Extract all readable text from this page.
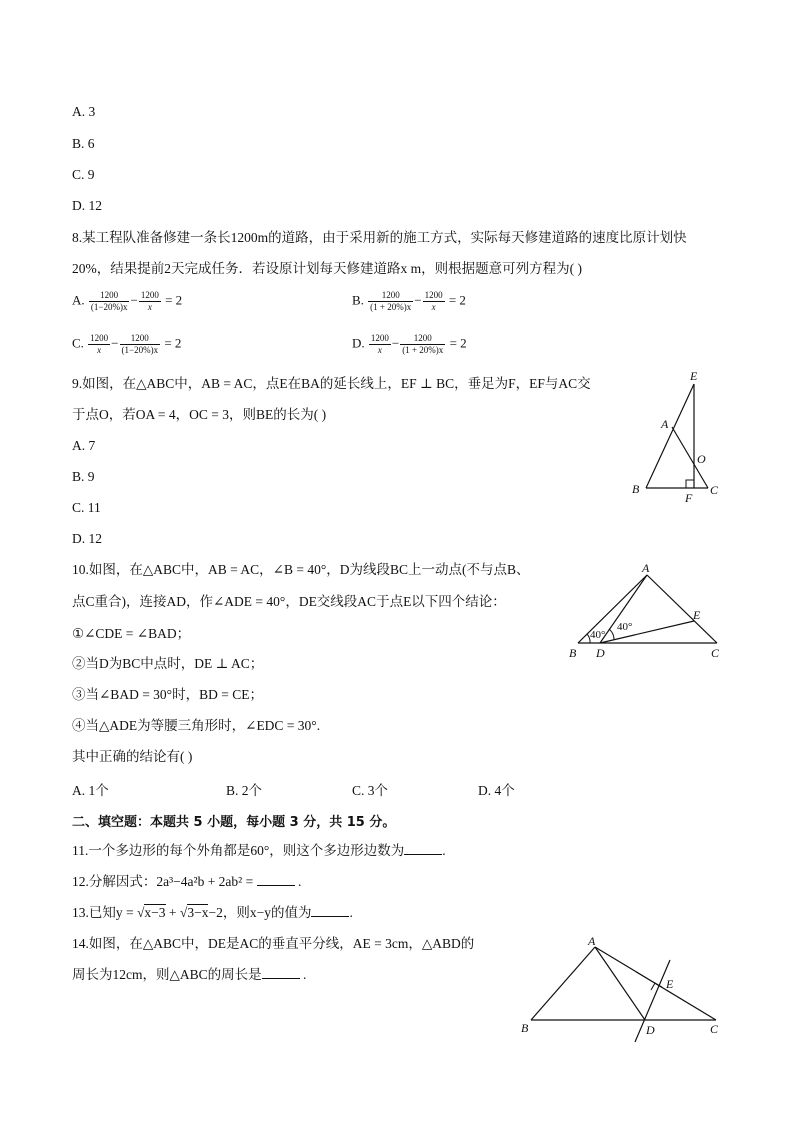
A. 3
B. 6
C. 9
D. 12
8.某工程队准备修建一条长1200m的道路，由于采用新的施工方式，实际每天修建道路的速度比原计划快
20%，结果提前2天完成任务．若设原计划每天修建道路x m，则根据题意可列方程为( )
A. $\frac{1200}{(1-20\%)x} - \frac{1200}{x} = 2$	B. $\frac{1200}{(1 + 20\%)x} - \frac{1200}{x} = 2$
C. $\frac{1200}{x} - \frac{1200}{(1-20\%)x} = 2$	D. $\frac{1200}{x} - \frac{1200}{(1 + 20\%)x} = 2$
9.如图，在△ABC中，AB = AC，点E在BA的延长线上，EF ⊥ BC，垂足为F，EF与AC交
于点O，若OA = 4，OC = 3，则BE的长为( )
A. 7
B. 9
C. 11
D. 12
E
A
O
B
F
C
10.如图，在△ABC中，AB = AC，∠B = 40°，D为线段BC上一动点(不与点B、
点C重合)，连接AD，作∠ADE = 40°，DE交线段AC于点E以下四个结论：
①∠CDE = ∠BAD；
②当D为BC中点时，DE ⊥ AC；
③当∠BAD = 30°时，BD = CE；
④当△ADE为等腰三角形时，∠EDC = 30°.
其中正确的结论有( )
A. 1个	B. 2个	C. 3个	D. 4个
A
E
B D	C
40°
40°
二、填空题：本题共 5 小题，每小题 3 分，共 15 分。
11.一个多边形的每个外角都是60°，则这个多边形边数为	.
12.分解因式：2a³−4a²b + 2ab² =	.
13.已知y = √x−3 + √3−x−2，则x−y的值为	.
14.如图，在△ABC中，DE是AC的垂直平分线，AE = 3cm，△ABD的
周长为12cm，则△ABC的周长是	.
A
E
B	D	C
